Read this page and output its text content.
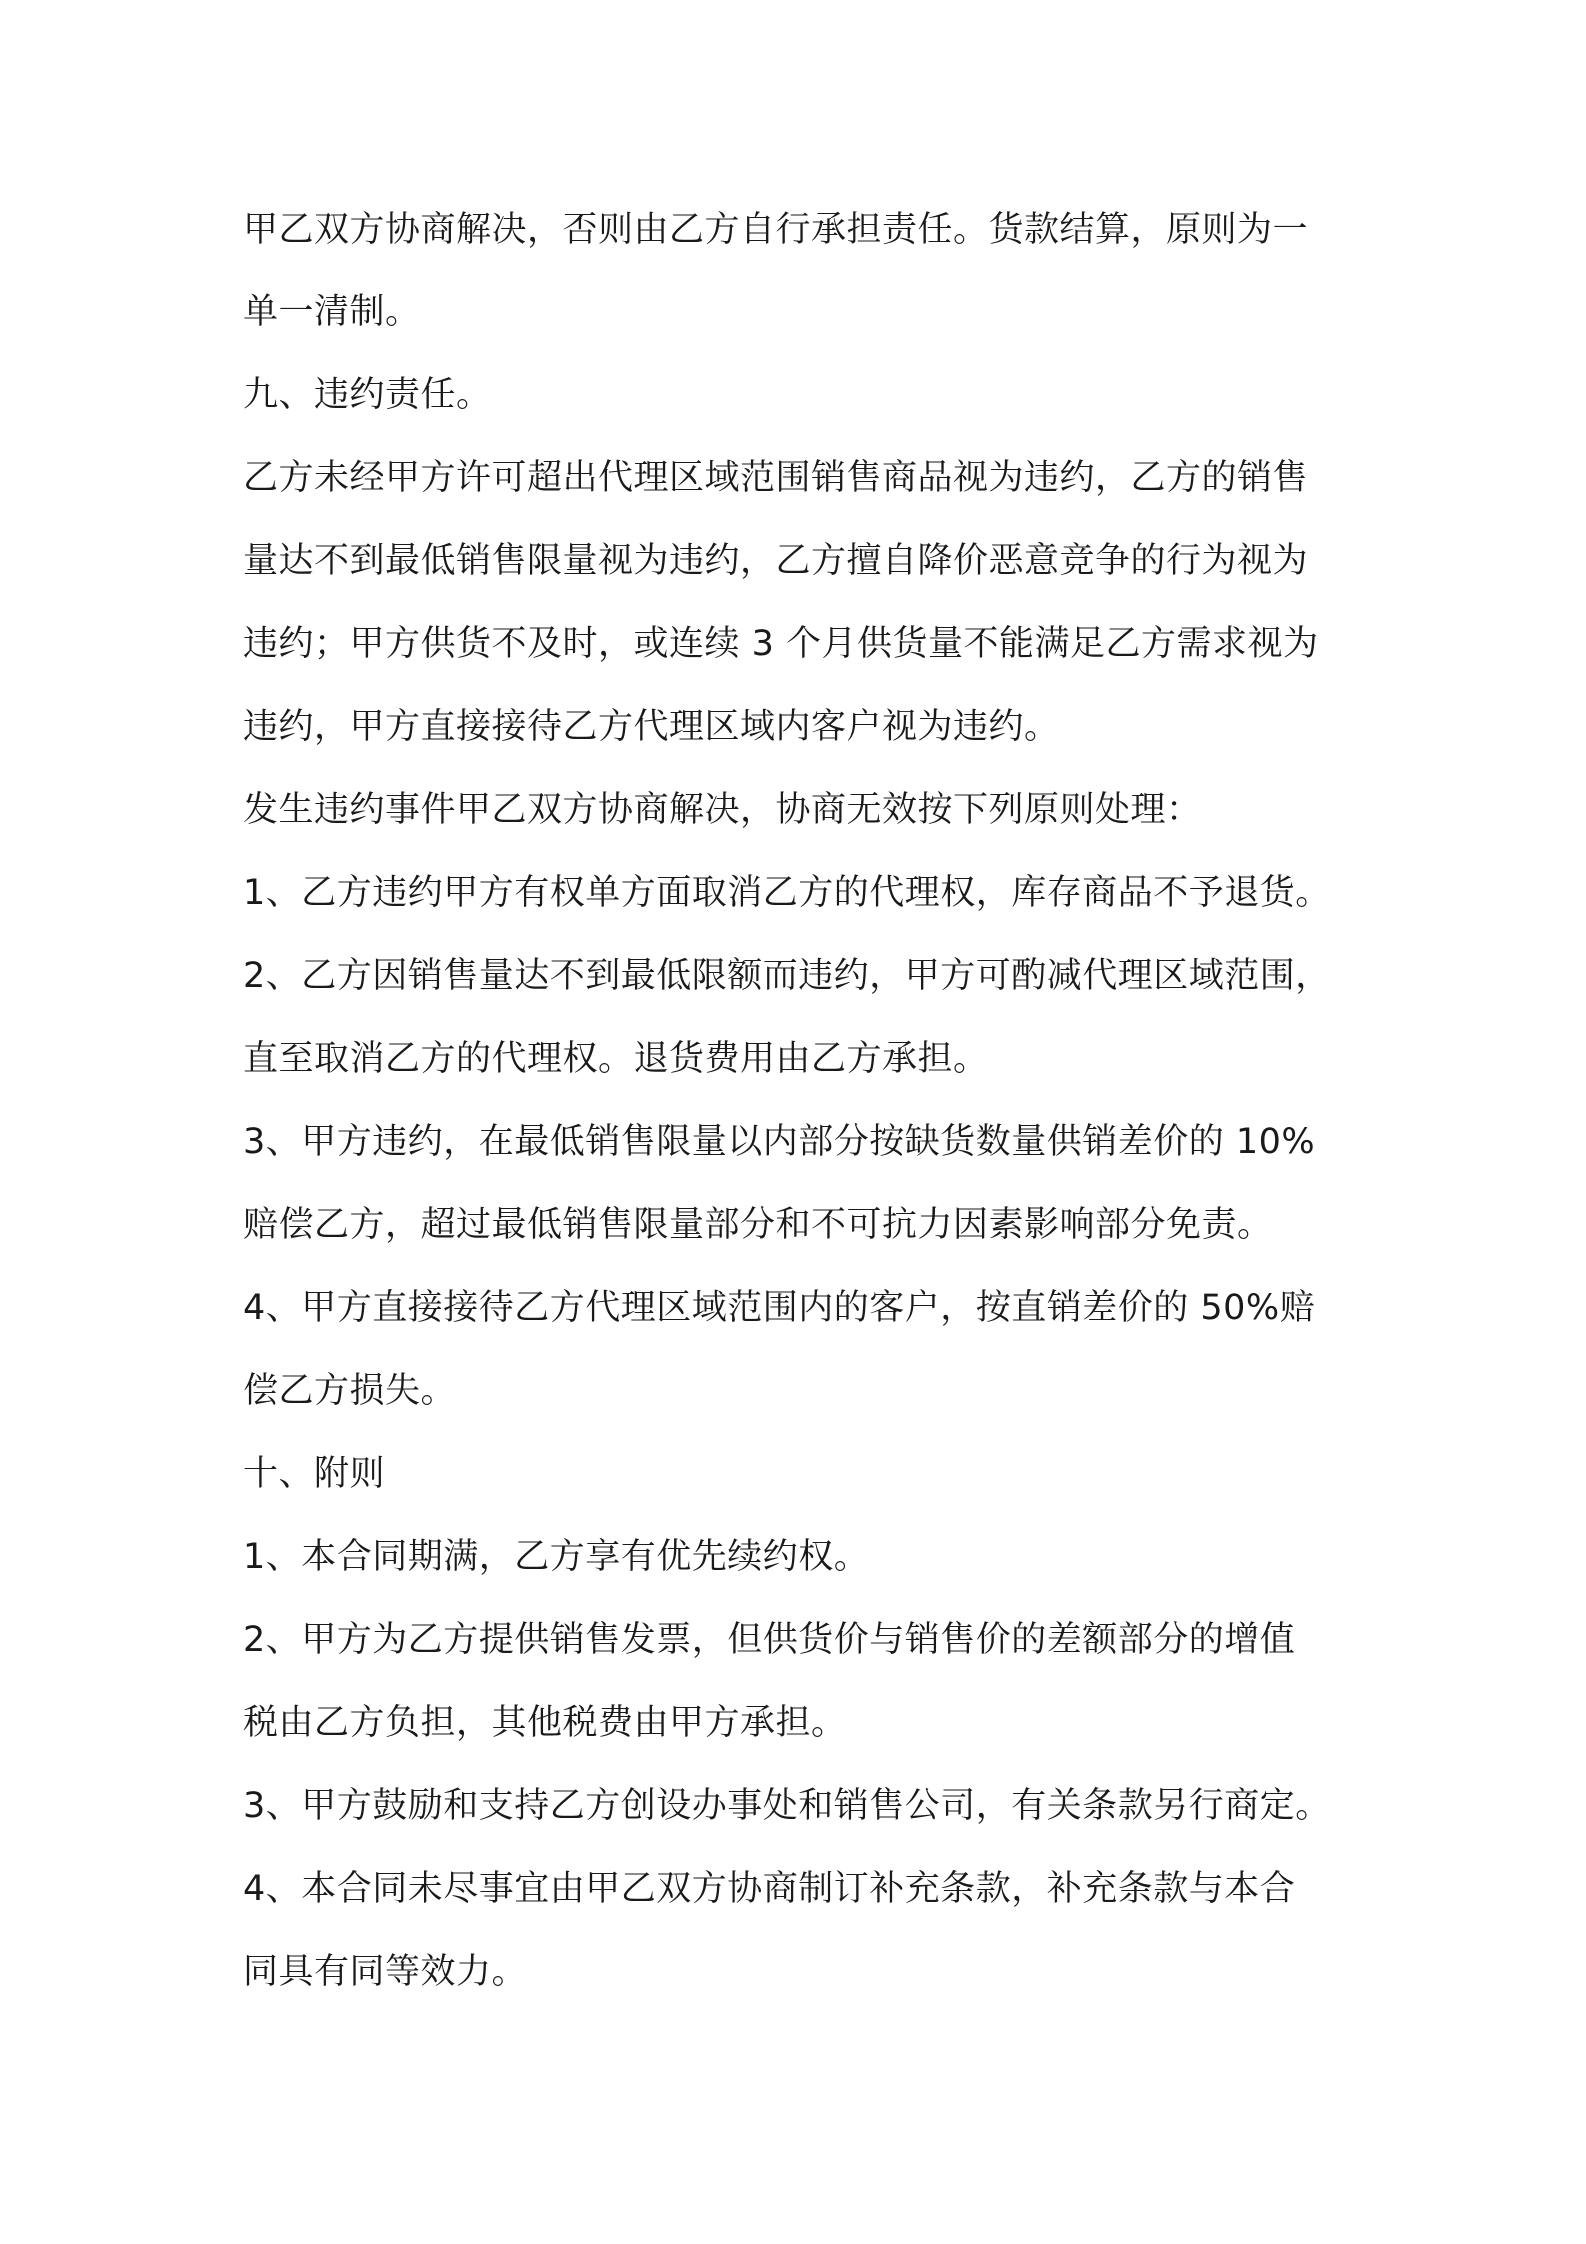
甲乙双方协商解决，否则由乙方自行承担责任。货款结算，原则为一
单一清制。
九、违约责任。
乙方未经甲方许可超出代理区域范围销售商品视为违约，乙方的销售
量达不到最低销售限量视为违约，乙方擅自降价恶意竞争的行为视为
违约；甲方供货不及时，或连续 3 个月供货量不能满足乙方需求视为
违约，甲方直接接待乙方代理区域内客户视为违约。
发生违约事件甲乙双方协商解决，协商无效按下列原则处理：
1、乙方违约甲方有权单方面取消乙方的代理权，库存商品不予退货。
2、乙方因销售量达不到最低限额而违约，甲方可酌减代理区域范围，
直至取消乙方的代理权。退货费用由乙方承担。
3、甲方违约，在最低销售限量以内部分按缺货数量供销差价的 10%
赔偿乙方，超过最低销售限量部分和不可抗力因素影响部分免责。
4、甲方直接接待乙方代理区域范围内的客户，按直销差价的 50%赔
偿乙方损失。
十、附则
1、本合同期满，乙方享有优先续约权。
2、甲方为乙方提供销售发票，但供货价与销售价的差额部分的增值
税由乙方负担，其他税费由甲方承担。
3、甲方鼓励和支持乙方创设办事处和销售公司，有关条款另行商定。
4、本合同未尽事宜由甲乙双方协商制订补充条款，补充条款与本合
同具有同等效力。
